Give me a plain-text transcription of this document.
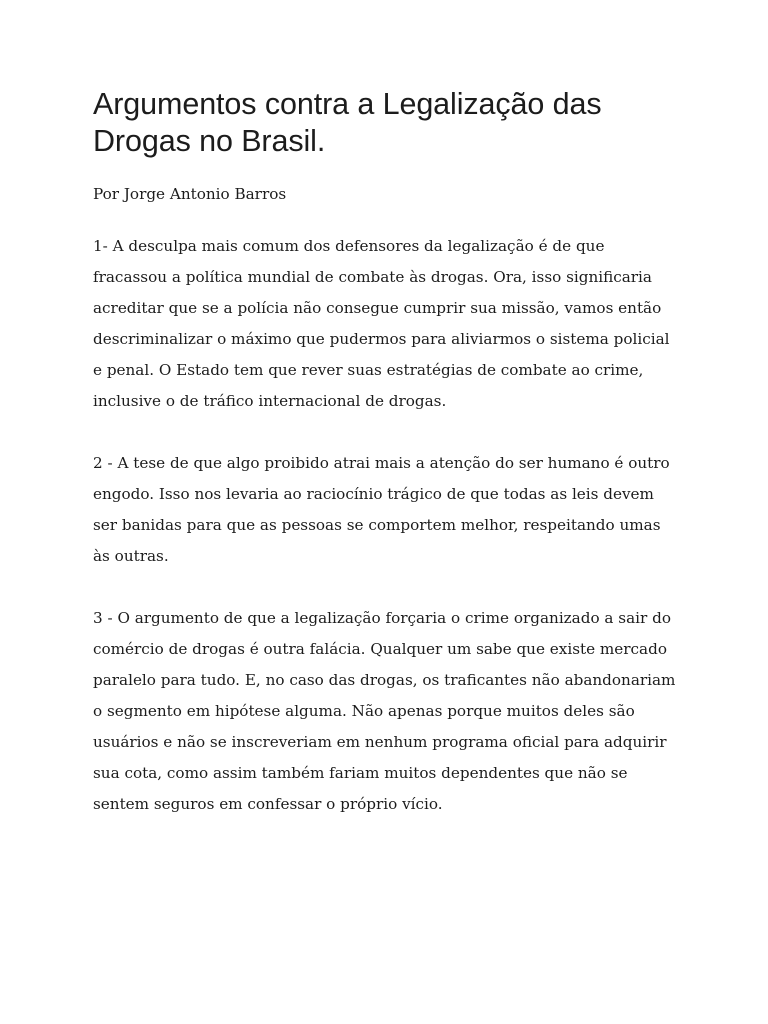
Argumentos contra a Legalização das Drogas no Brasil.

Por Jorge Antonio Barros

1- A desculpa mais comum dos defensores da legalização é de que fracassou a política mundial de combate às drogas. Ora, isso significaria acreditar que se a polícia não consegue cumprir sua missão, vamos então descriminalizar o máximo que pudermos para aliviarmos o sistema policial e penal. O Estado tem que rever suas estratégias de combate ao crime, inclusive o de tráfico internacional de drogas.

2 - A tese de que algo proibido atrai mais a atenção do ser humano é outro engodo. Isso nos levaria ao raciocínio trágico de que todas as leis devem ser banidas para que as pessoas se comportem melhor, respeitando umas às outras.

3 - O argumento de que a legalização forçaria o crime organizado a sair do comércio de drogas é outra falácia. Qualquer um sabe que existe mercado paralelo para tudo. E, no caso das drogas, os traficantes não abandonariam o segmento em hipótese alguma. Não apenas porque muitos deles são usuários e não se inscreveriam em nenhum programa oficial para adquirir sua cota, como assim também fariam muitos dependentes que não se sentem seguros em confessar o próprio vício.
